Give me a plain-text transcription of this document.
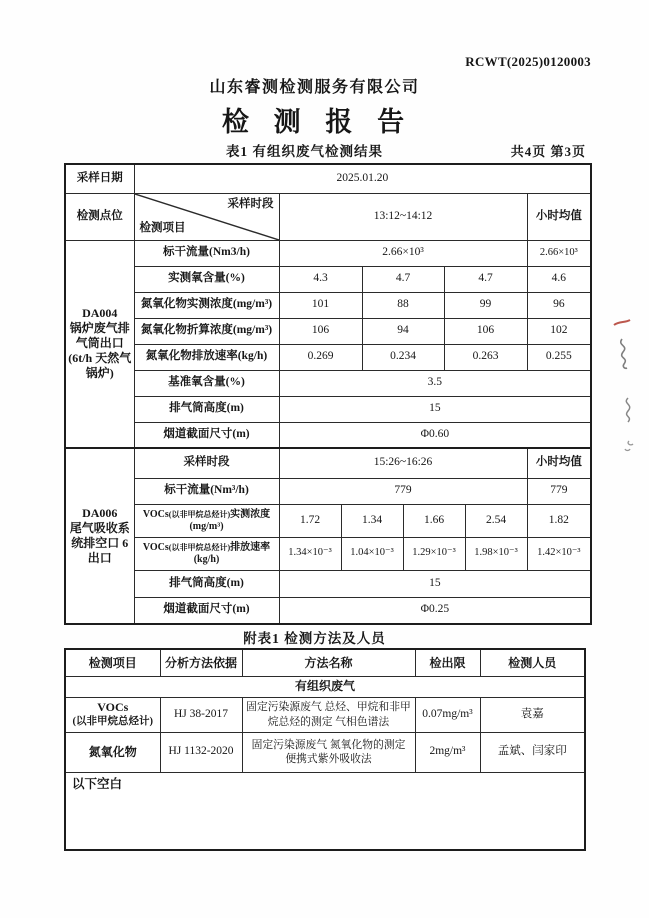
RCWT(2025)0120003
山东睿测检测服务有限公司
检 测 报 告
表1 有组织废气检测结果	共4页 第3页
采样日期	2025.01.20							
检测点位	采样时段
检测项目	13:12~14:12						小时均值

DA004
锅炉废气排气筒出口
(6t/h 天然气锅炉)	标干流量(Nm3/h)	2.66×10³						2.66×10³
	实测氧含量(%)	4.3		4.7		4.7		4.6
	氮氧化物实测浓度(mg/m³)	101		88		99		96
	氮氧化物折算浓度(mg/m³)	106		94		106		102
	氮氧化物排放速率(kg/h)	0.269		0.234		0.263		0.255
	基准氧含量(%)	3.5						
	排气筒高度(m)	15						
	烟道截面尺寸(m)	Φ0.60						

DA006
尾气吸收系统排空口 6 出口	采样时段	15:26~16:26						小时均值
	标干流量(Nm³/h)	779						779
	VOCs(以非甲烷总烃计)实测浓度
(mg/m³)	1.72	1.34		1.66		2.54	1.82
	VOCs(以非甲烷总烃计)排放速率
(kg/h)	1.34×10⁻³	1.04×10⁻³		1.29×10⁻³		1.98×10⁻³	1.42×10⁻³
	排气筒高度(m)	15						
	烟道截面尺寸(m)	Φ0.25						
附表1 检测方法及人员
检测项目	分析方法依据	方法名称	检出限	检测人员
有组织废气				

VOCs
(以非甲烷总烃计)	HJ 38-2017	固定污染源废气 总烃、甲烷和非甲烷总烃的测定 气相色谱法	0.07mg/m³	袁嘉
氮氧化物	HJ 1132-2020	固定污染源废气 氮氧化物的测定 便携式紫外吸收法	2mg/m³	孟斌、闫家印
以下空白				
